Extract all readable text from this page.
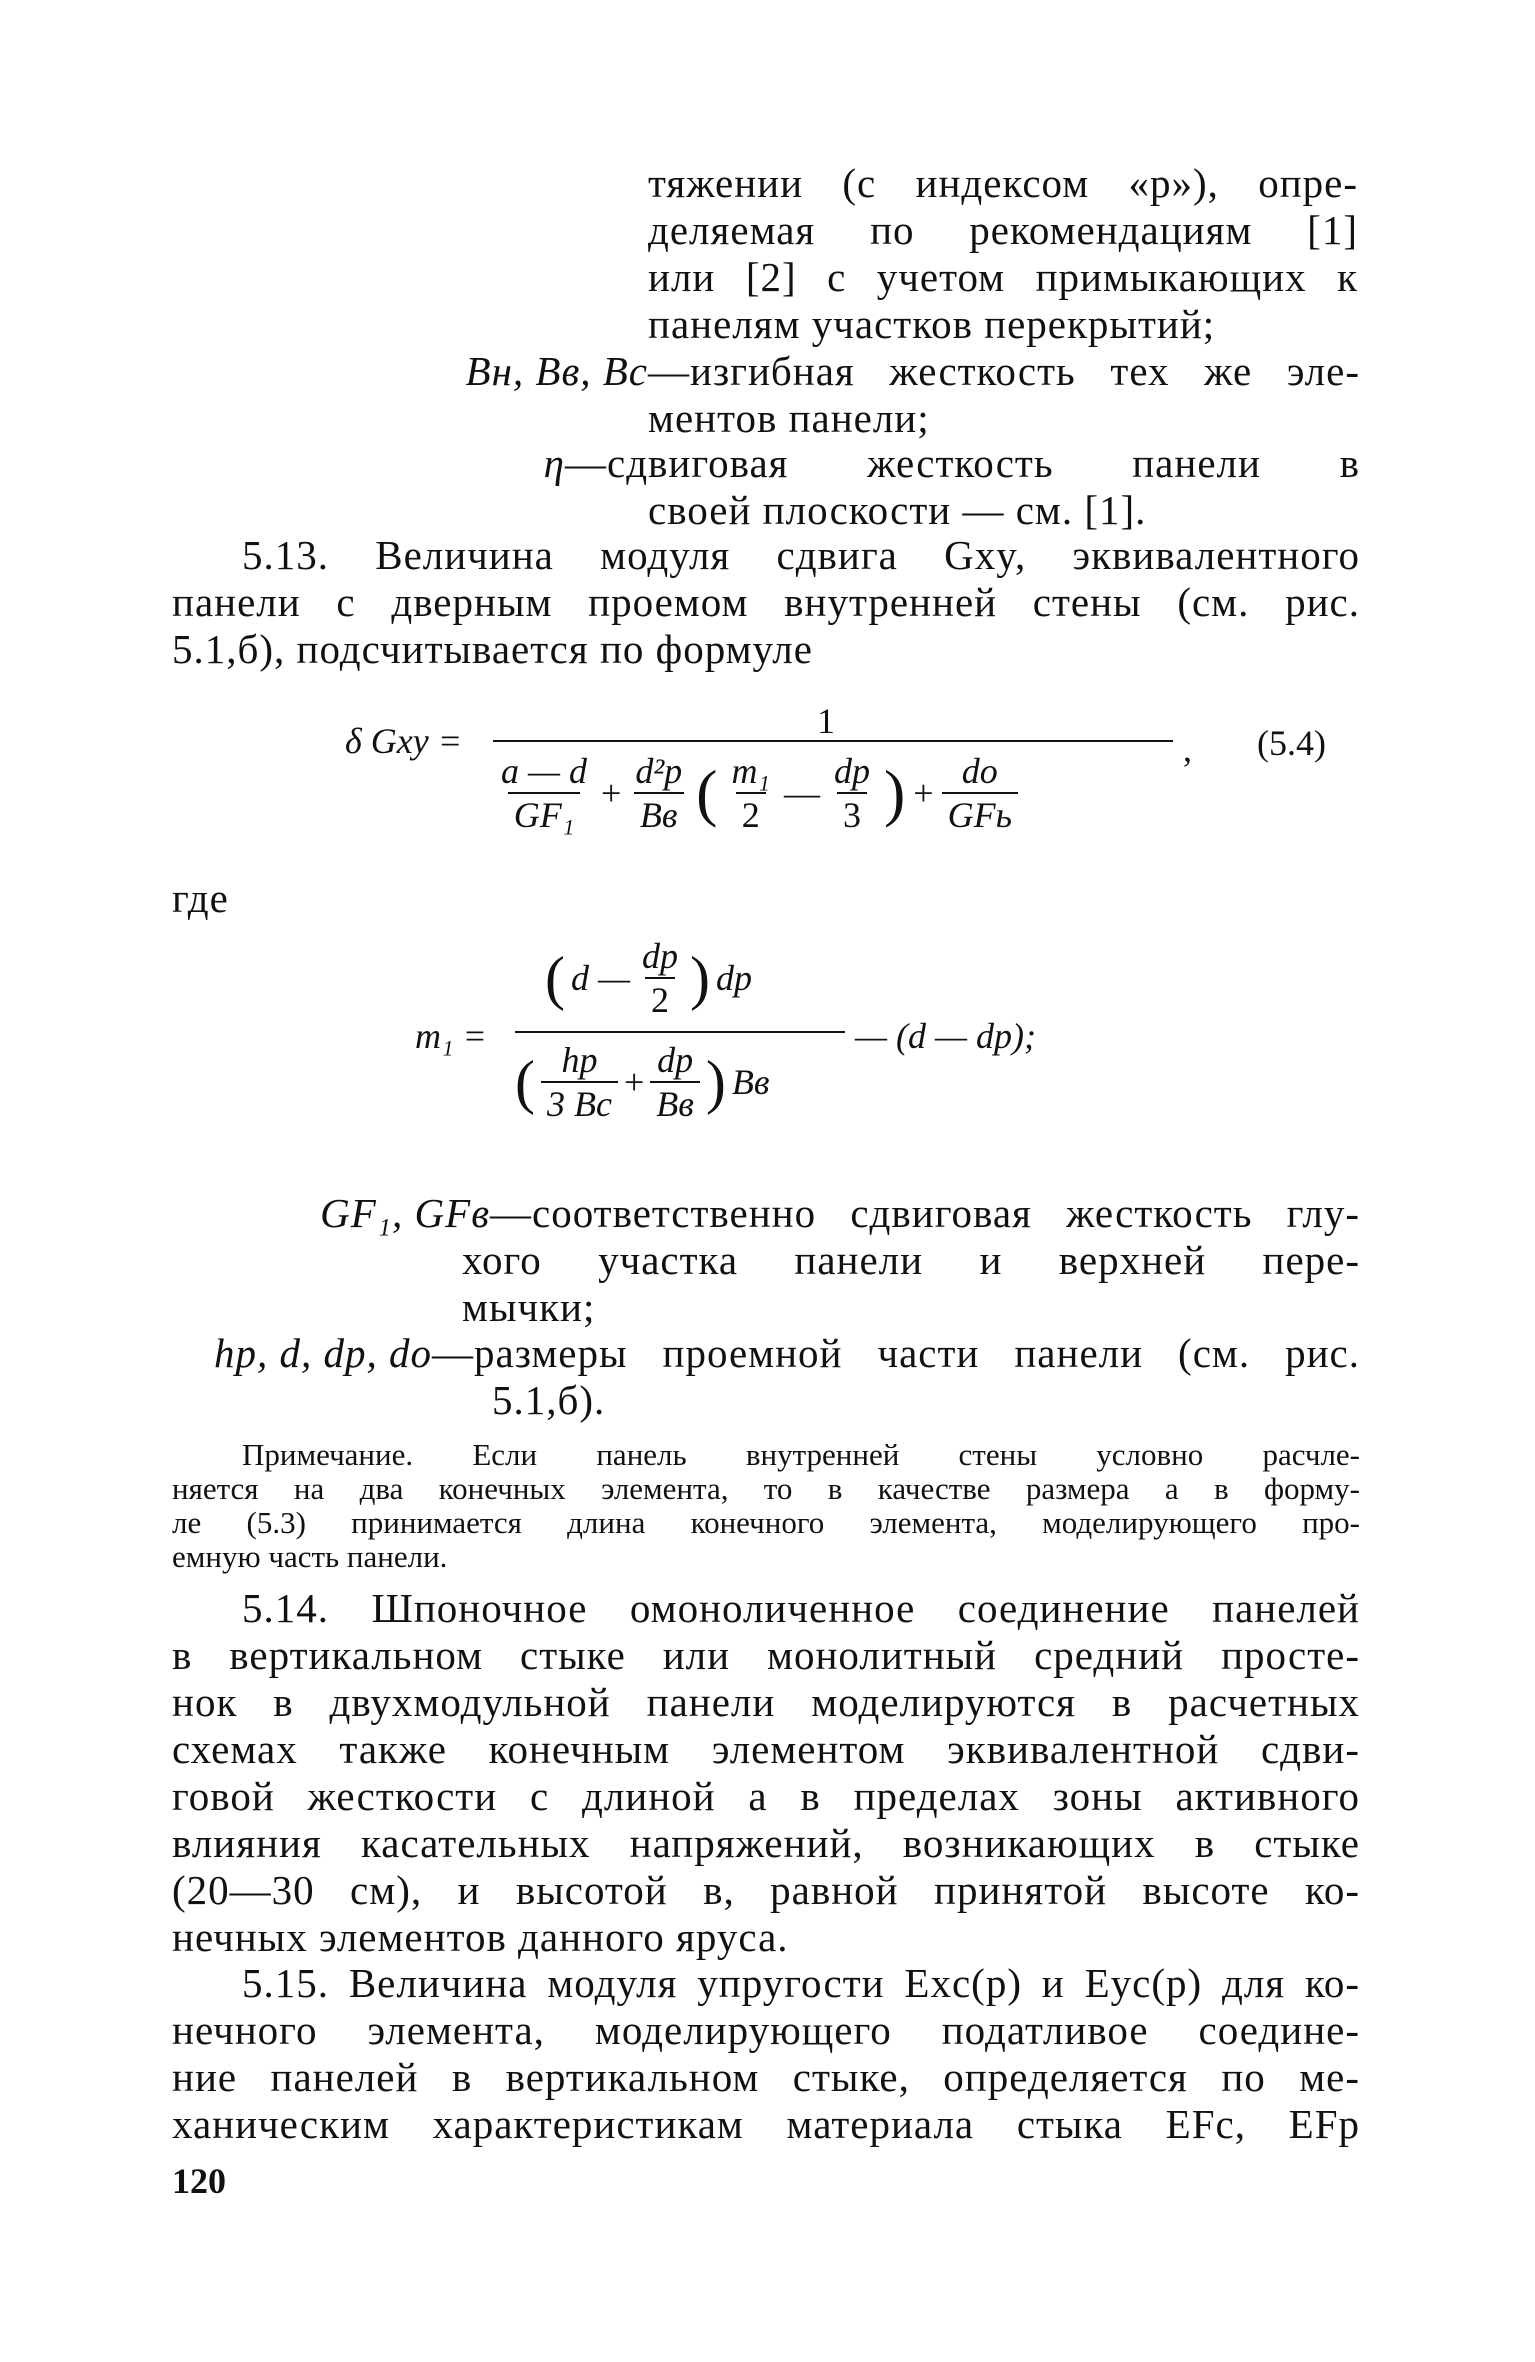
тяжении (с индексом «р»), опре-
деляемая по рекомендациям [1]
или [2] с учетом примыкающих к
панелям участков перекрытий;
Bн, Bв, Bс — изгибная жесткость тех же эле-
ментов панели;
η — сдвиговая жесткость панели в
своей плоскости — см. [1].
5.13. Величина модуля сдвига Gxy, эквивалентного
панели с дверным проемом внутренней стены (см. рис.
5.1,б), подсчитывается по формуле
δ Gxy =	1
$\frac{a — d}{\text{GF₁}} + \frac{\text{d²р}}{Bв}$ ( $\frac{\text{m₁}}{2}$ — $\frac{dр}{3}$ ) + $\frac{dо}{\text{GFь}}$
, (5.4)
где
m₁ =
( d — $\frac{dр}{2}$ ) dр
( $\frac{hр}{3 Bс} + \frac{dр}{Bв}$ ) Bв
— (d — dр);
GF₁, GFв — соответственно сдвиговая жесткость глу-
хого участка панели и верхней пере-
мычки;
hр, d, dр, dо — размеры проемной части панели (см. рис.
5.1,б).
Примечание. Если панель внутренней стены условно расчле-
няется на два конечных элемента, то в качестве размера a в форму-
ле (5.3) принимается длина конечного элемента, моделирующего про-
емную часть панели.
5.14. Шпоночное омоноличенное соединение панелей
в вертикальном стыке или монолитный средний просте-
нок в двухмодульной панели моделируются в расчетных
схемах также конечным элементом эквивалентной сдви-
говой жесткости с длиной a в пределах зоны активного
влияния касательных напряжений, возникающих в стыке
(20—30 см), и высотой в, равной принятой высоте ко-
нечных элементов данного яруса.
5.15. Величина модуля упругости Exс(р) и Eyс(р) для ко-
нечного элемента, моделирующего податливое соедине-
ние панелей в вертикальном стыке, определяется по ме-
ханическим характеристикам материала стыка EFс, EFр
120
